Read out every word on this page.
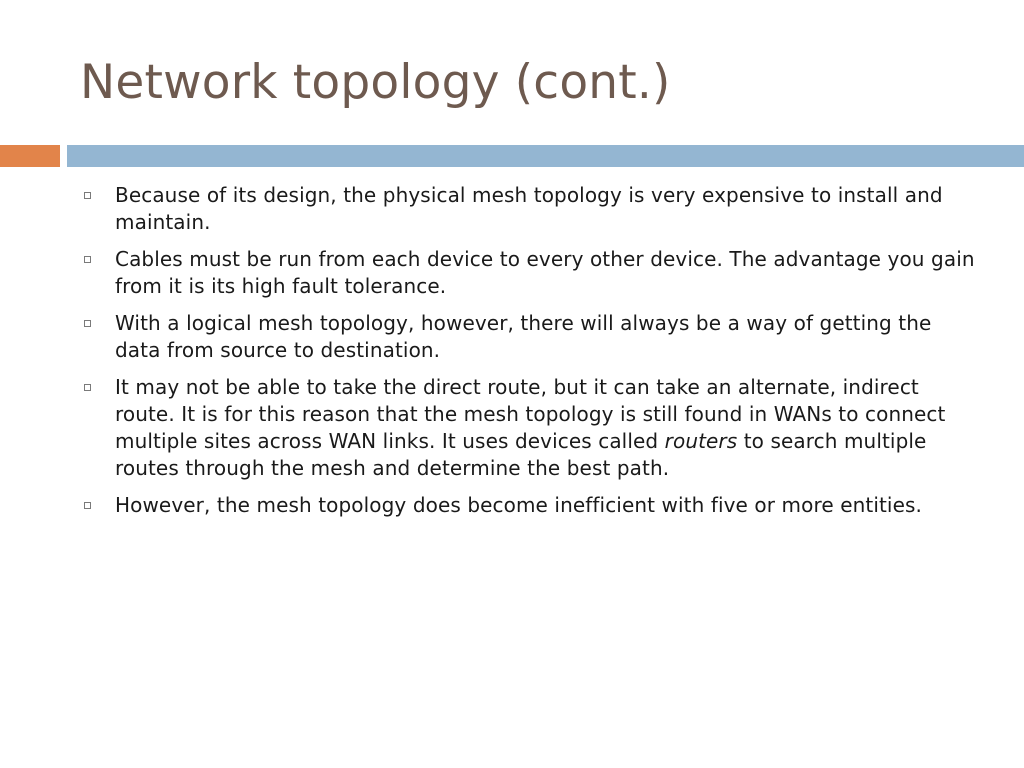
Network topology (cont.)
Because of its design, the physical mesh topology is very expensive to install and maintain.
Cables must be run from each device to every other device. The advantage you gain from it is its high fault tolerance.
With a logical mesh topology, however, there will always be a way of getting the data from source to destination.
It may not be able to take the direct route, but it can take an alternate, indirect route. It is for this reason that the mesh topology is still found in WANs to connect multiple sites across WAN links. It uses devices called routers to search multiple routes through the mesh and determine the best path.
However, the mesh topology does become inefficient with five or more entities.
